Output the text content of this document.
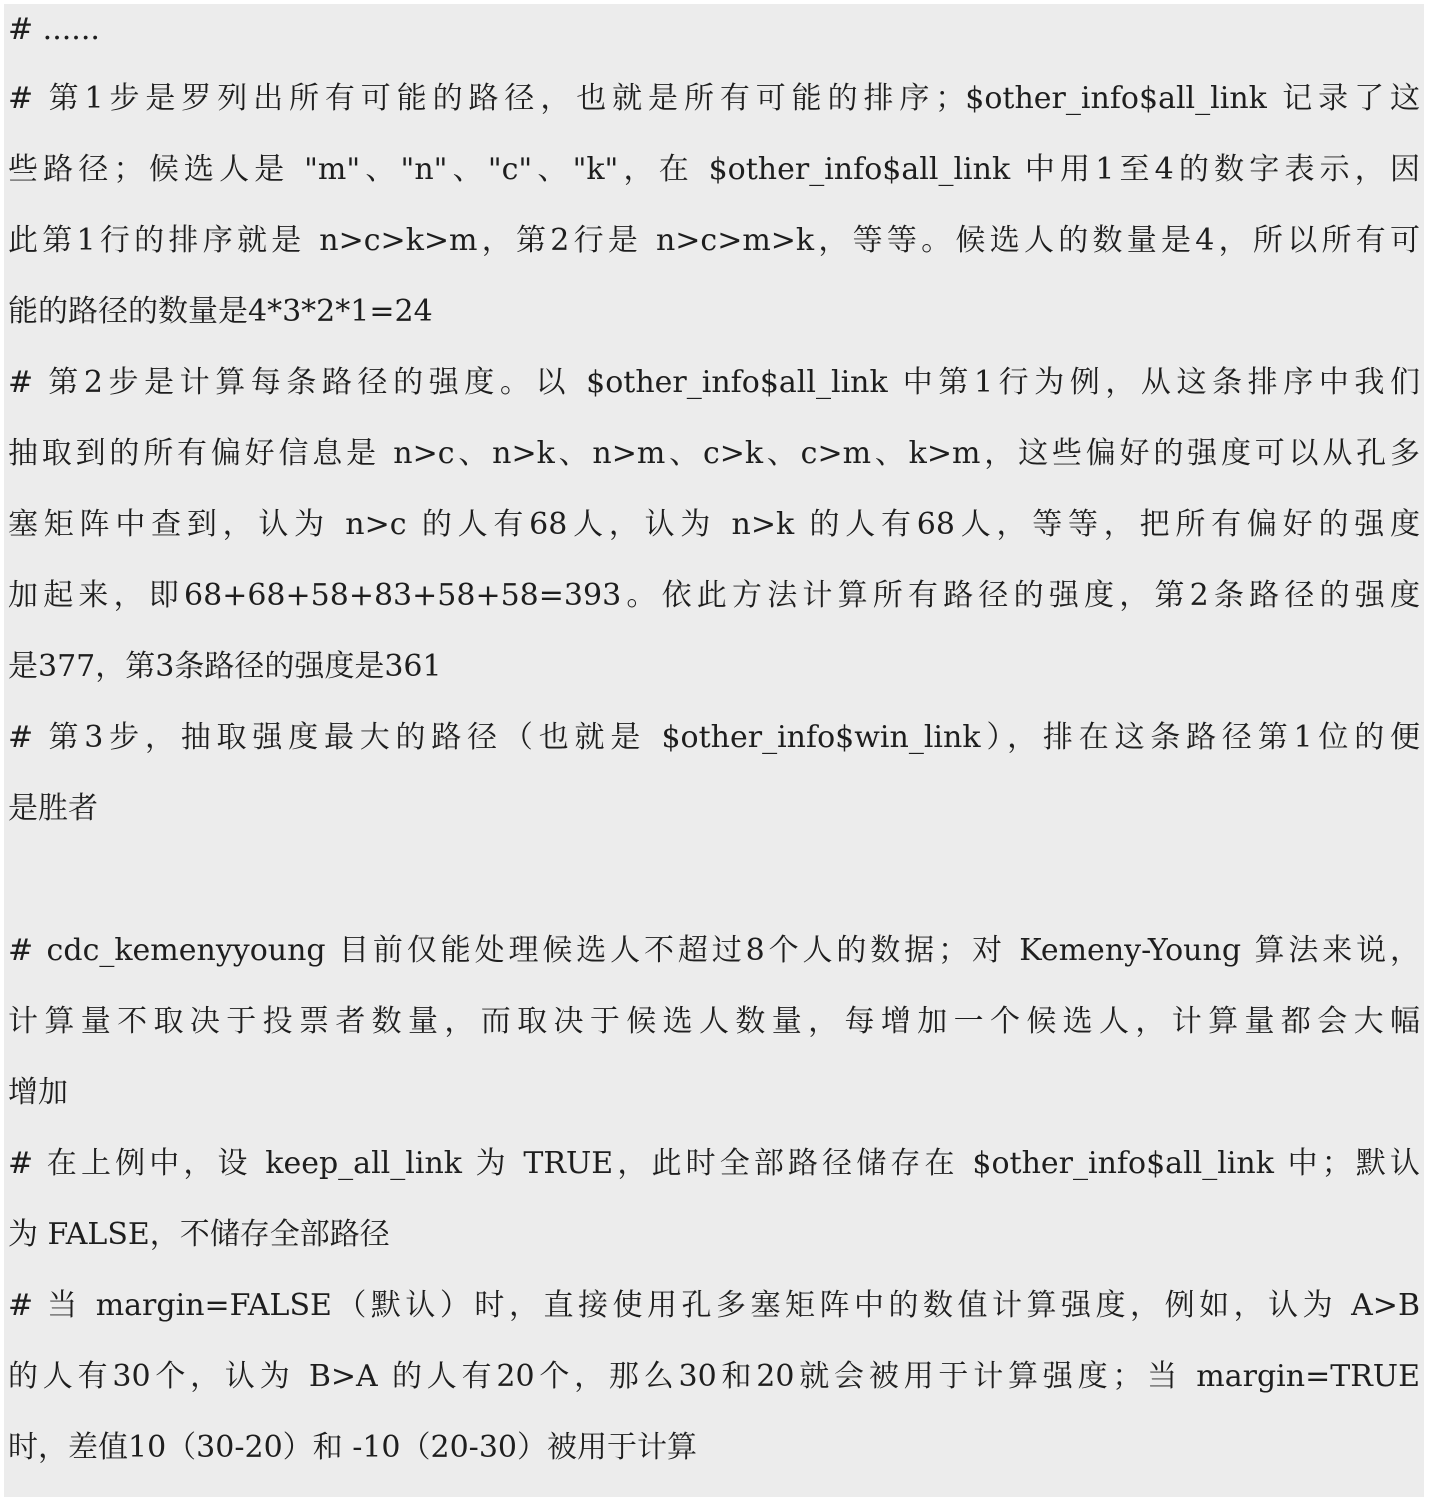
# ......
# 第1步是罗列出所有可能的路径，也就是所有可能的排序；$other_info$all_link 记录了这
些路径；候选人是 "m"、"n"、"c"、"k"，在 $other_info$all_link 中用1至4的数字表示，因
此第1行的排序就是 n>c>k>m，第2行是 n>c>m>k，等等。候选人的数量是4，所以所有可
能的路径的数量是4*3*2*1=24
# 第2步是计算每条路径的强度。以 $other_info$all_link 中第1行为例，从这条排序中我们
抽取到的所有偏好信息是 n>c、n>k、n>m、c>k、c>m、k>m，这些偏好的强度可以从孔多
塞矩阵中查到，认为 n>c 的人有68人，认为 n>k 的人有68人，等等，把所有偏好的强度
加起来，即68+68+58+83+58+58=393。依此方法计算所有路径的强度，第2条路径的强度
是377，第3条路径的强度是361
# 第3步，抽取强度最大的路径（也就是 $other_info$win_link），排在这条路径第1位的便
是胜者
# cdc_kemenyyoung 目前仅能处理候选人不超过8个人的数据；对 Kemeny-Young 算法来说，
计算量不取决于投票者数量，而取决于候选人数量，每增加一个候选人，计算量都会大幅
增加
# 在上例中，设 keep_all_link 为 TRUE，此时全部路径储存在 $other_info$all_link 中；默认
为 FALSE，不储存全部路径
# 当 margin=FALSE（默认）时，直接使用孔多塞矩阵中的数值计算强度，例如，认为 A>B
的人有30个，认为 B>A 的人有20个，那么30和20就会被用于计算强度；当 margin=TRUE
时，差值10（30-20）和 -10（20-30）被用于计算
